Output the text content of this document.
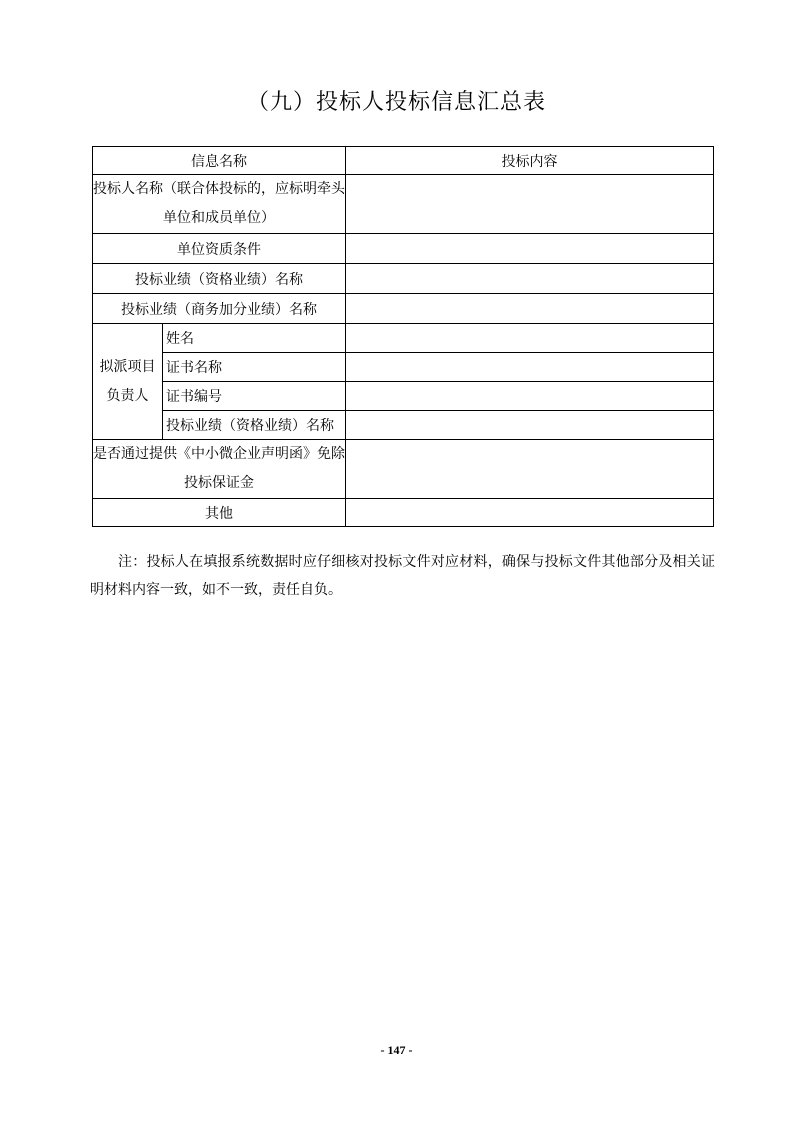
（九）投标人投标信息汇总表
信息名称		投标内容
投标人名称（联合体投标的，应标明牵头单位和成员单位）		
单位资质条件		
投标业绩（资格业绩）名称		
投标业绩（商务加分业绩）名称		
拟派项目负责人	姓名	
	证书名称	
	证书编号	
	投标业绩（资格业绩）名称	
是否通过提供《中小微企业声明函》免除投标保证金		
其他		
注：投标人在填报系统数据时应仔细核对投标文件对应材料，确保与投标文件其他部分及相关证明材料内容一致，如不一致，责任自负。
- 147 -
